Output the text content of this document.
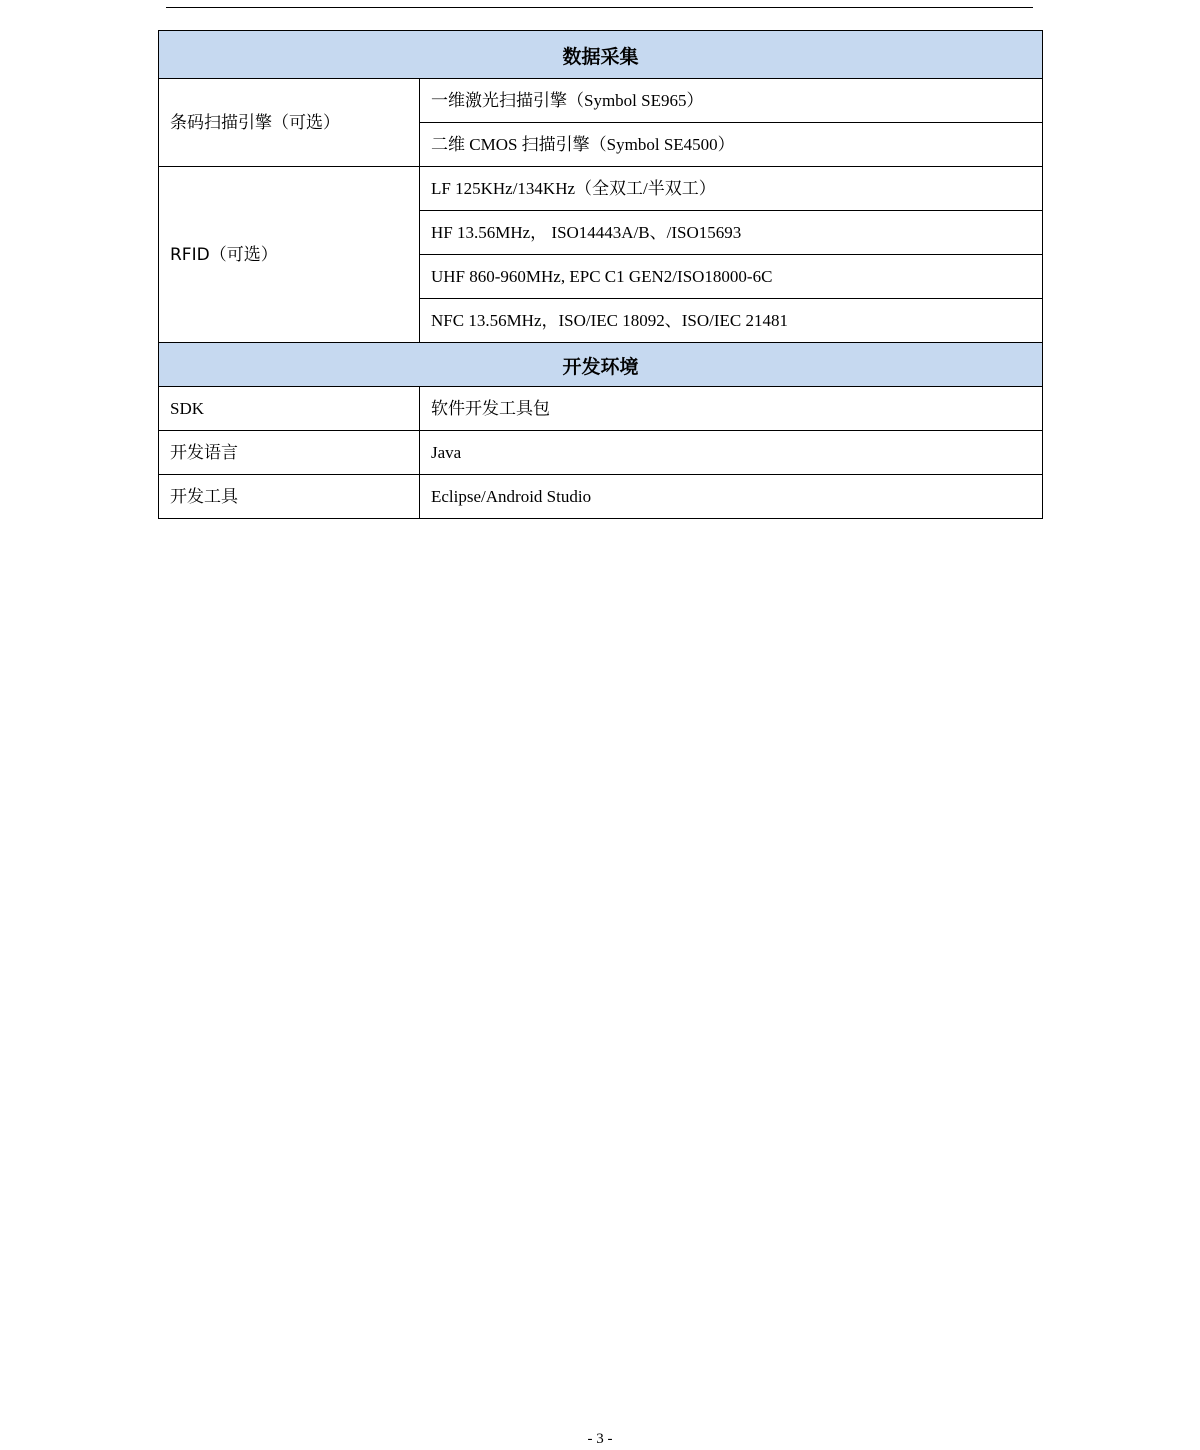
数据采集	
条码扫描引擎（可选）	一维激光扫描引擎（Symbol SE965）
	二维 CMOS 扫描引擎（Symbol SE4500）
RFID（可选）	LF 125KHz/134KHz（全双工/半双工）
	HF 13.56MHz， ISO14443A/B、/ISO15693
	UHF 860-960MHz, EPC C1 GEN2/ISO18000-6C
	NFC 13.56MHz，ISO/IEC 18092、ISO/IEC 21481
开发环境	
SDK	软件开发工具包
开发语言	Java
开发工具	Eclipse/Android Studio
- 3 -
